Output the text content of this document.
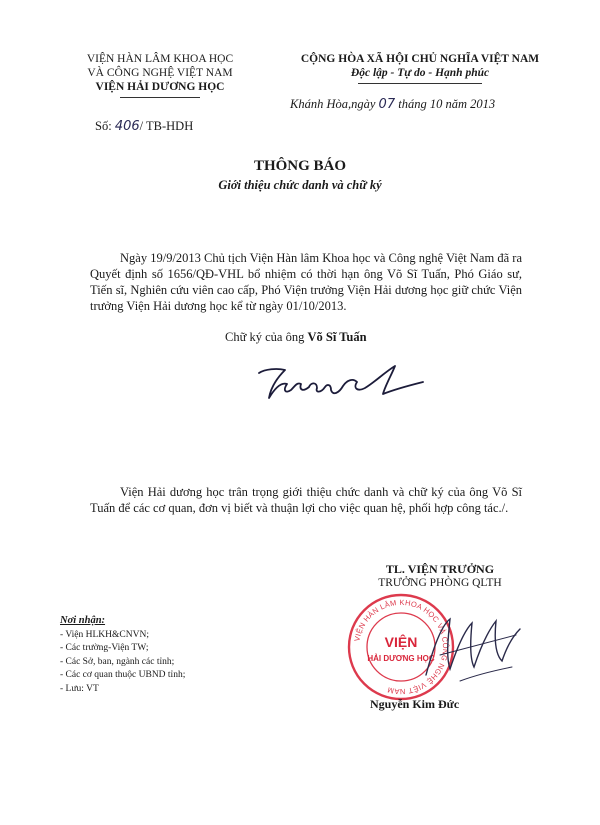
VIỆN HÀN LÂM KHOA HỌC
VÀ CÔNG NGHỆ VIỆT NAM
VIỆN HẢI DƯƠNG HỌC
CỘNG HÒA XÃ HỘI CHỦ NGHĨA VIỆT NAM
Độc lập - Tự do - Hạnh phúc
Khánh Hòa,ngày 07 tháng 10 năm 2013
Số: 406/ TB-HDH
THÔNG BÁO
Giới thiệu chức danh và chữ ký
Ngày 19/9/2013 Chủ tịch Viện Hàn lâm Khoa học và Công nghệ Việt Nam đã ra Quyết định số 1656/QĐ-VHL bổ nhiệm có thời hạn ông Võ Sĩ Tuấn, Phó Giáo sư, Tiến sĩ, Nghiên cứu viên cao cấp, Phó Viện trưởng Viện Hải dương học giữ chức Viện trưởng Viện Hải dương học kể từ ngày 01/10/2013.
Chữ ký của ông Võ Sĩ Tuấn
Viện Hải dương học trân trọng giới thiệu chức danh và chữ ký của ông Võ Sĩ Tuấn để các cơ quan, đơn vị biết và thuận lợi cho việc quan hệ, phối hợp công tác./.
TL. VIỆN TRƯỞNG
TRƯỞNG PHÒNG QLTH
VIỆN HÀN LÂM KHOA HỌC VÀ CÔNG NGHỆ VIỆT NAM
VIỆN
HẢI DƯƠNG HỌC
Nguyễn Kim Đức
Nơi nhận:
- Viện HLKH&CNVN;
- Các trường-Viện TW;
- Các Sở, ban, ngành các tỉnh;
- Các cơ quan thuộc UBND tỉnh;
- Lưu: VT
